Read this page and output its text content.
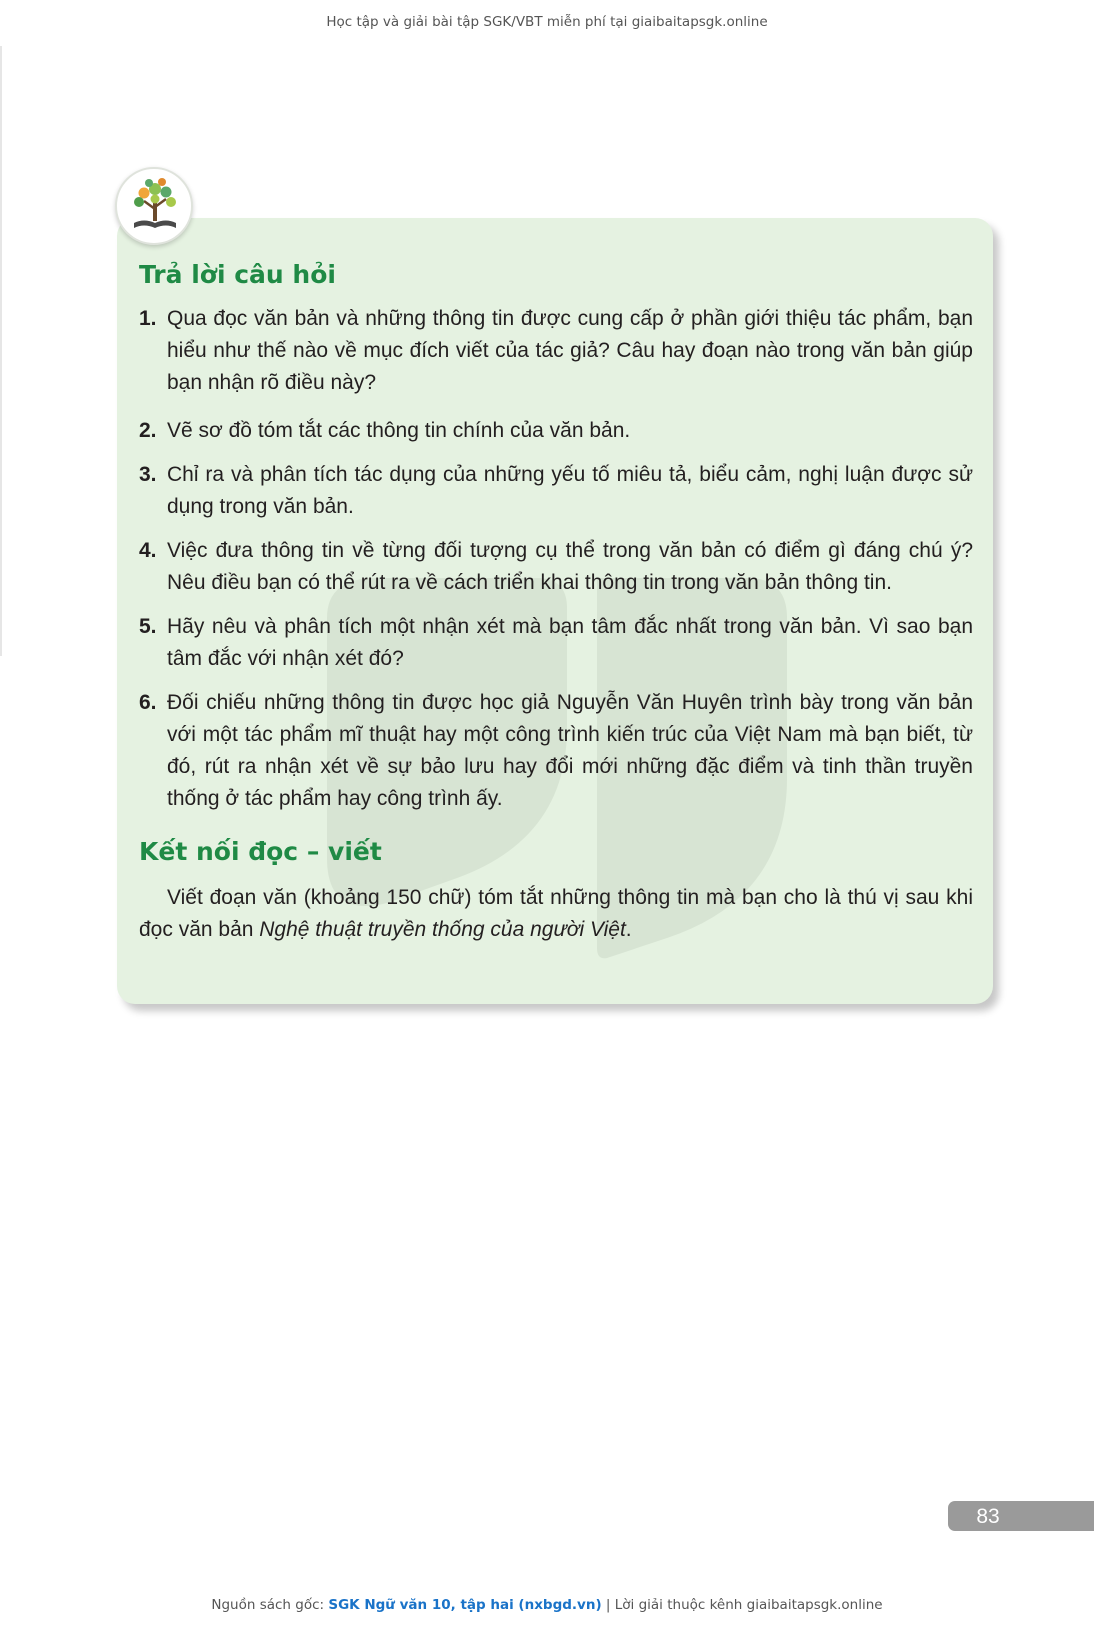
Học tập và giải bài tập SGK/VBT miễn phí tại giaibaitapsgk.online
Trả lời câu hỏi
1. Qua đọc văn bản và những thông tin được cung cấp ở phần giới thiệu tác phẩm, bạn hiểu như thế nào về mục đích viết của tác giả? Câu hay đoạn nào trong văn bản giúp bạn nhận rõ điều này?
2. Vẽ sơ đồ tóm tắt các thông tin chính của văn bản.
3. Chỉ ra và phân tích tác dụng của những yếu tố miêu tả, biểu cảm, nghị luận được sử dụng trong văn bản.
4. Việc đưa thông tin về từng đối tượng cụ thể trong văn bản có điểm gì đáng chú ý? Nêu điều bạn có thể rút ra về cách triển khai thông tin trong văn bản thông tin.
5. Hãy nêu và phân tích một nhận xét mà bạn tâm đắc nhất trong văn bản. Vì sao bạn tâm đắc với nhận xét đó?
6. Đối chiếu những thông tin được học giả Nguyễn Văn Huyên trình bày trong văn bản với một tác phẩm mĩ thuật hay một công trình kiến trúc của Việt Nam mà bạn biết, từ đó, rút ra nhận xét về sự bảo lưu hay đổi mới những đặc điểm và tinh thần truyền thống ở tác phẩm hay công trình ấy.
Kết nối đọc – viết
Viết đoạn văn (khoảng 150 chữ) tóm tắt những thông tin mà bạn cho là thú vị sau khi đọc văn bản Nghệ thuật truyền thống của người Việt.
83
Nguồn sách gốc: SGK Ngữ văn 10, tập hai (nxbgd.vn) | Lời giải thuộc kênh giaibaitapsgk.online
